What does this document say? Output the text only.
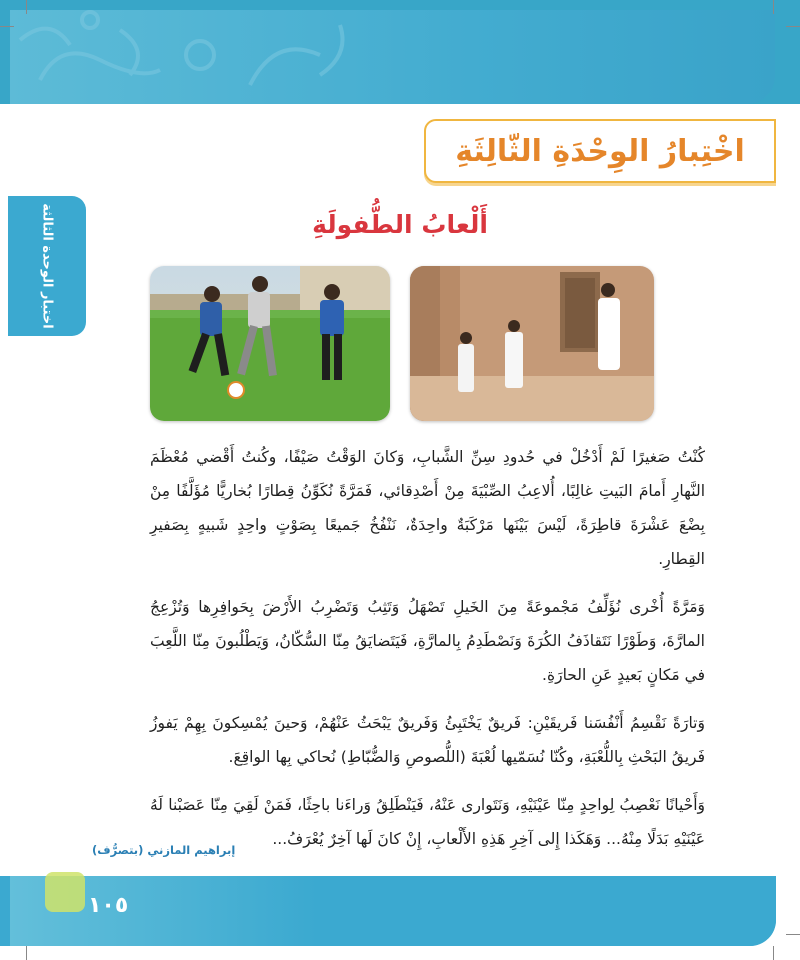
اخْتِبارُ الوِحْدَةِ الثّالِثَةِ
اختبار الوحدة الثالثة	أَلْعابُ الطُّفولَةِ

كُنْتُ صَغيرًا لَمْ أَدْخُلْ في حُدودِ سِنِّ الشَّبابِ، وَكانَ الوَقْتُ صَيْفًا، وكُنتُ أَقْضي مُعْظَمَ النَّهارِ أَمامَ البَيتِ غالِبًا، أُلاعِبُ الصِّبْيَةَ مِنْ أَصْدِقائي، فَمَرَّةً نُكَوِّنُ قِطارًا بُخاريًّا مُؤَلَّفًا مِنْ بِضْعَ عَشْرَةَ قاطِرَةً، لَيْسَ بَيْنَها مَرْكَبَةٌ واحِدَةٌ، نَنْفُخُ جَميعًا بِصَوْتٍ واحِدٍ شَبيهٍ بِصَفيرِ القِطارِ.

وَمَرَّةً أُخْرى نُؤَلِّفُ مَجْموعَةً مِنَ الخَيلِ تَصْهَلُ وَتَثِبُ وَتَضْرِبُ الأَرْضَ بِحَوافِرِها وَتُزْعِجُ المارَّةَ، وَطَوْرًا نَتَقاذَفُ الكُرَةَ وَنَصْطَدِمُ بِالمارَّةِ، فَيَتَضايَقُ مِنّا السُّكّانُ، وَيَطْلُبونَ مِنّا اللَّعِبَ في مَكانٍ بَعيدٍ عَنِ الحارَةِ.

وَتارَةً نَقْسِمُ أَنْفُسَنا فَريقَيْنِ: فَريقٌ يَخْتَبِئُ وَفَريقٌ يَبْحَثُ عَنْهُمْ، وَحينَ يُمْسِكونَ بِهِمْ يَفوزُ فَريقُ البَحْثِ بِاللُّعْبَةِ، وكُنّا نُسَمّيها لُعْبَةَ (اللُّصوصِ وَالضُّبّاطِ) نُحاكي بِها الواقِعَ.

وَأَحْيانًا نَعْصِبُ لِواحِدٍ مِنّا عَيْنَيْهِ، وَنَتَوارى عَنْهُ، فَيَنْطَلِقُ وَراءَنا باحِثًا، فَمَنْ لَقِيَ مِنّا عَصَبْنا لَهُ عَيْنَيْهِ بَدَلًا مِنْهُ... وَهَكَذا إِلى آخِرِ هَذِهِ الأَلْعابِ، إِنْ كانَ لَها آخِرٌ يُعْرَفُ...

إبراهيم المازني (بتصرُّف)
١٠٥
